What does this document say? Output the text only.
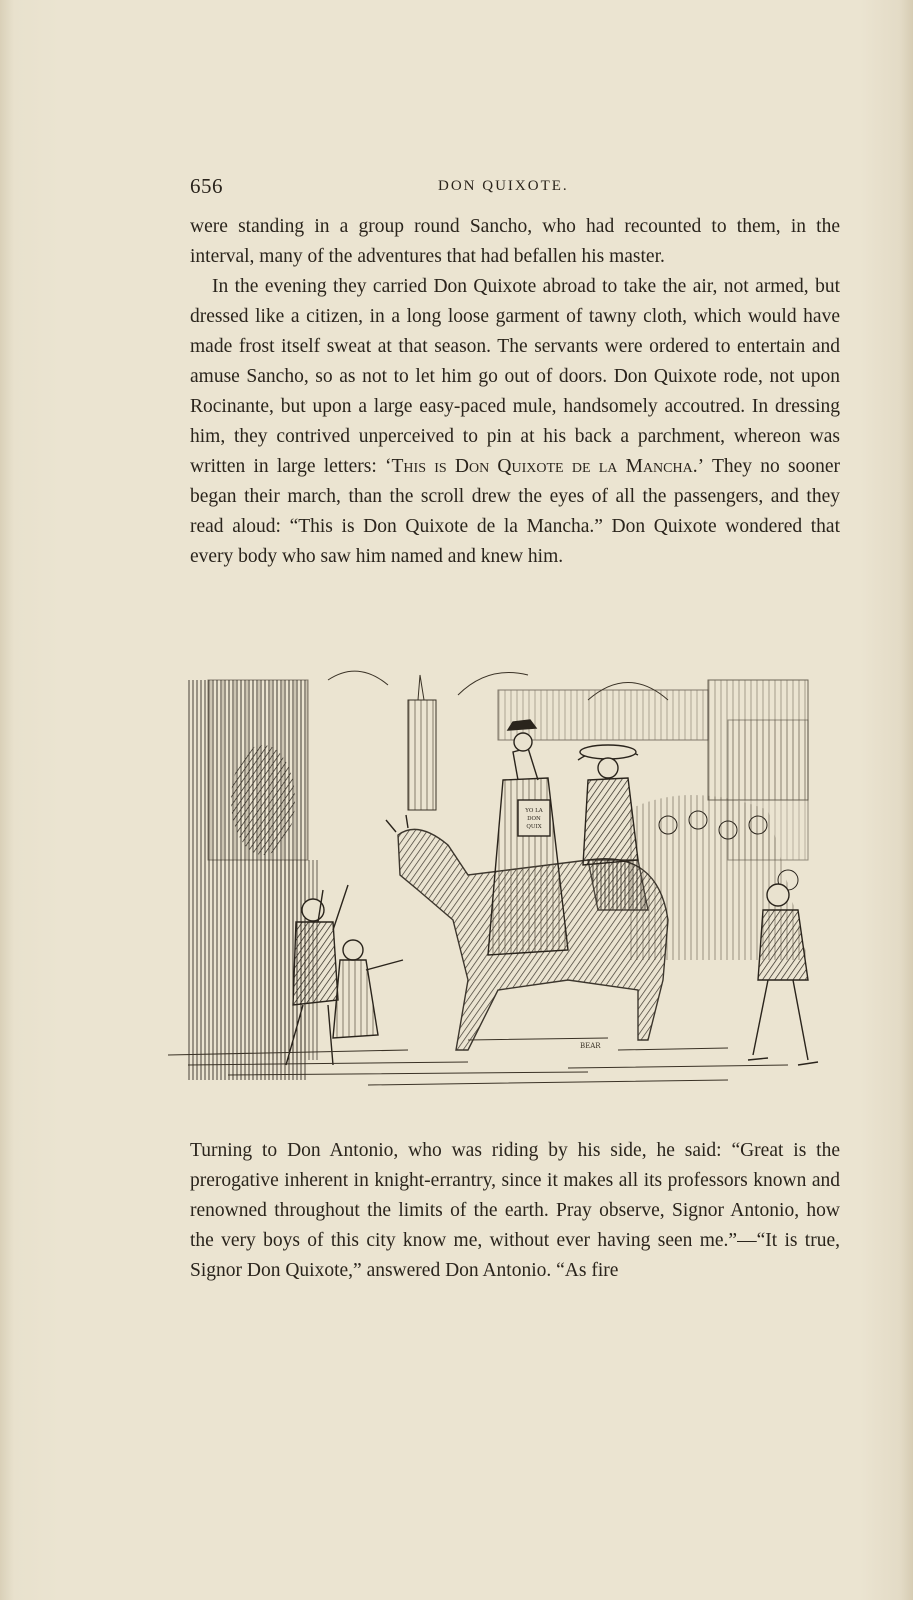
656	DON QUIXOTE.

were standing in a group round Sancho, who had recounted to them, in the interval, many of the adventures that had befallen his master.

In the evening they carried Don Quixote abroad to take the air, not armed, but dressed like a citizen, in a long loose garment of tawny cloth, which would have made frost itself sweat at that season. The servants were ordered to entertain and amuse Sancho, so as not to let him go out of doors. Don Quixote rode, not upon Rocinante, but upon a large easy-paced mule, handsomely accoutred. In dressing him, they contrived unperceived to pin at his back a parchment, whereon was written in large letters: ‘This is Don Quixote de la Mancha.’ They no sooner began their march, than the scroll drew the eyes of all the passengers, and they read aloud: “This is Don Quixote de la Mancha.” Don Quixote wondered that every body who saw him named and knew him.

YO LA
DON
QUIX
BEAR

Turning to Don Antonio, who was riding by his side, he said: “Great is the prerogative inherent in knight-errantry, since it makes all its professors known and renowned throughout the limits of the earth. Pray observe, Signor Antonio, how the very boys of this city know me, without ever having seen me.”—“It is true, Signor Don Quixote,” answered Don Antonio. “As fire
